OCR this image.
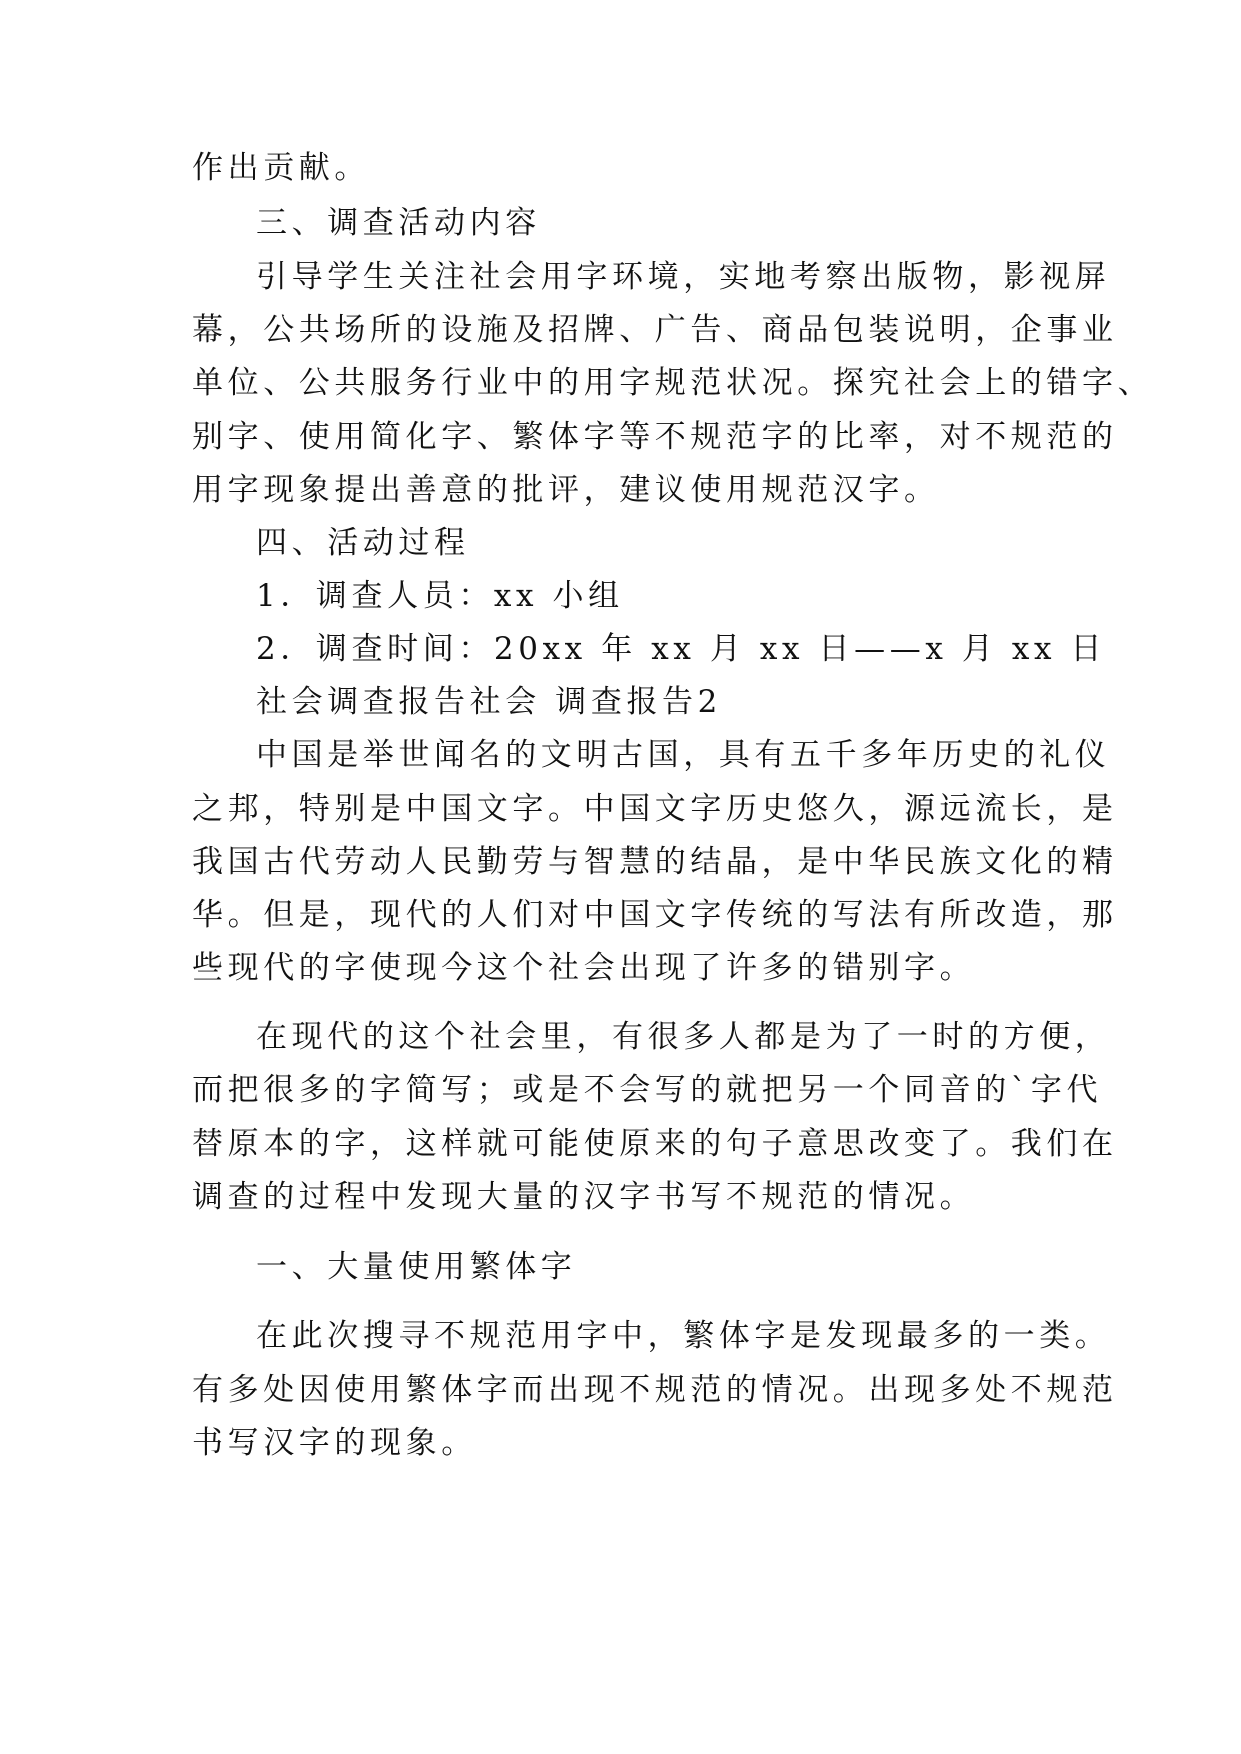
作出贡献。
三、调查活动内容
引导学生关注社会用字环境，实地考察出版物，影视屏
幕，公共场所的设施及招牌、广告、商品包装说明，企事业
单位、公共服务行业中的用字规范状况。探究社会上的错字、
别字、使用简化字、繁体字等不规范字的比率，对不规范的
用字现象提出善意的批评，建议使用规范汉字。
四、活动过程
1．调查人员：xx 小组
2．调查时间：20xx 年 xx 月 xx 日——x 月 xx 日
社会调查报告社会 调查报告2
中国是举世闻名的文明古国，具有五千多年历史的礼仪
之邦，特别是中国文字。中国文字历史悠久，源远流长，是
我国古代劳动人民勤劳与智慧的结晶，是中华民族文化的精
华。但是，现代的人们对中国文字传统的写法有所改造，那
些现代的字使现今这个社会出现了许多的错别字。
在现代的这个社会里，有很多人都是为了一时的方便，
而把很多的字简写；或是不会写的就把另一个同音的`字代
替原本的字，这样就可能使原来的句子意思改变了。我们在
调查的过程中发现大量的汉字书写不规范的情况。
一、大量使用繁体字
在此次搜寻不规范用字中，繁体字是发现最多的一类。
有多处因使用繁体字而出现不规范的情况。出现多处不规范
书写汉字的现象。
